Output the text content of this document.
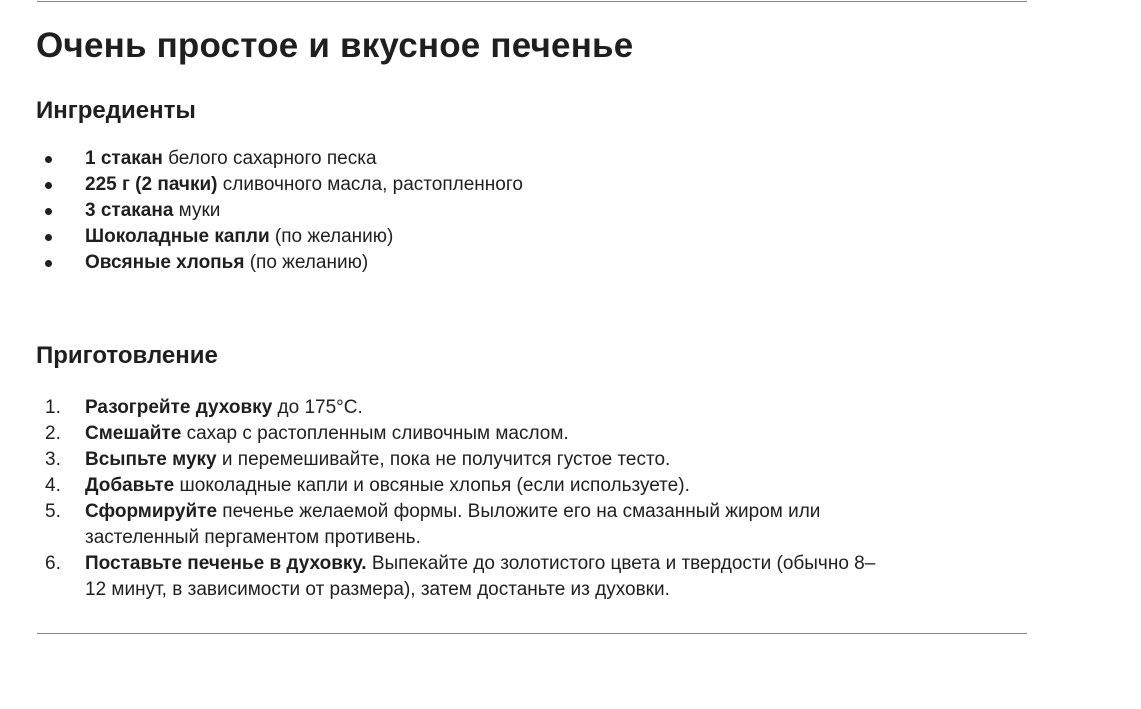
Очень простое и вкусное печенье
Ингредиенты
1 стакан белого сахарного песка
225 г (2 пачки) сливочного масла, растопленного
3 стакана муки
Шоколадные капли (по желанию)
Овсяные хлопья (по желанию)
Приготовление
1. Разогрейте духовку до 175°C.
2. Смешайте сахар с растопленным сливочным маслом.
3. Всыпьте муку и перемешивайте, пока не получится густое тесто.
4. Добавьте шоколадные капли и овсяные хлопья (если используете).
5. Сформируйте печенье желаемой формы. Выложите его на смазанный жиром или застеленный пергаментом противень.
6. Поставьте печенье в духовку. Выпекайте до золотистого цвета и твердости (обычно 8–12 минут, в зависимости от размера), затем достаньте из духовки.
